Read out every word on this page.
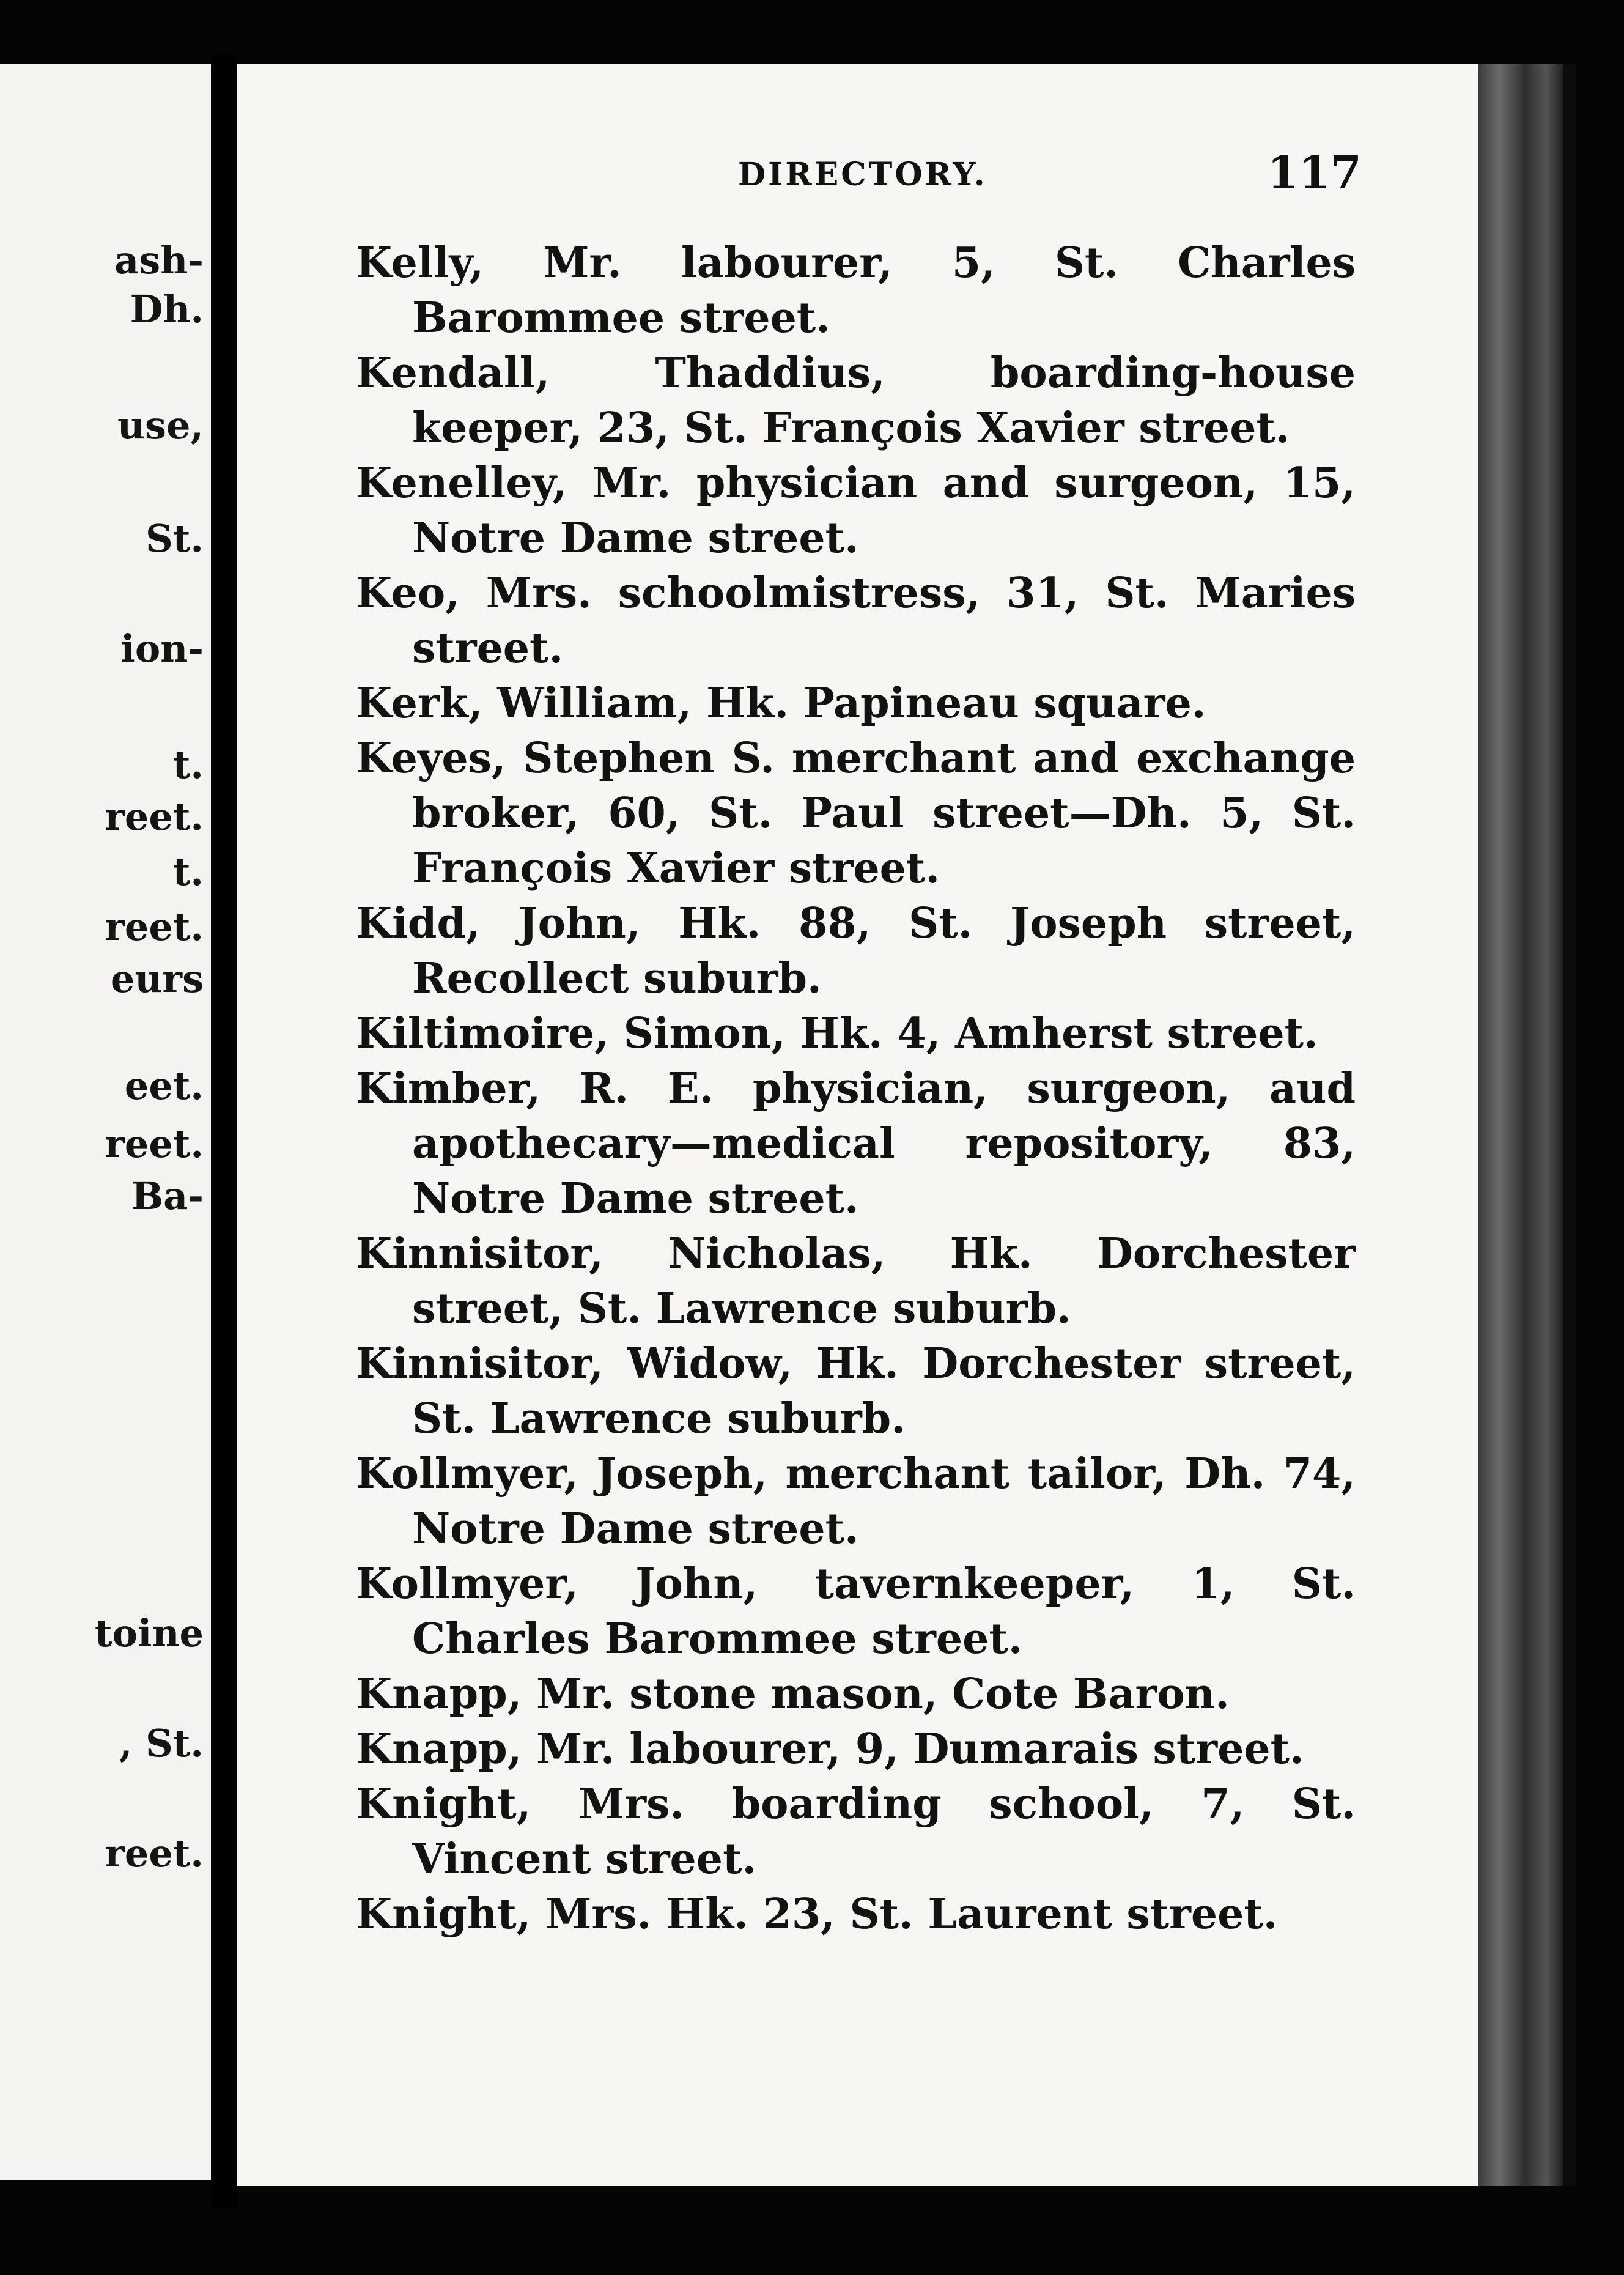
ash-
Dh.
use,
St.
ion-
t.
reet.
t.
reet.
eurs
eet.
reet.
Ba-
toine
, St.
reet.
DIRECTORY.	117
Kelly, Mr. labourer, 5, St. Charles Barommee street.
Kendall, Thaddius, boarding-house keeper, 23, St. François Xavier street.
Kenelley, Mr. physician and surgeon, 15, Notre Dame street.
Keo, Mrs. schoolmistress, 31, St. Maries street.
Kerk, William, Hk. Papineau square.
Keyes, Stephen S. merchant and exchange broker, 60, St. Paul street—Dh. 5, St. François Xavier street.
Kidd, John, Hk. 88, St. Joseph street, Recollect suburb.
Kiltimoire, Simon, Hk. 4, Amherst street.
Kimber, R. E. physician, surgeon, aud apothecary—medical repository, 83, Notre Dame street.
Kinnisitor, Nicholas, Hk. Dorchester street, St. Lawrence suburb.
Kinnisitor, Widow, Hk. Dorchester street, St. Lawrence suburb.
Kollmyer, Joseph, merchant tailor, Dh. 74, Notre Dame street.
Kollmyer, John, tavernkeeper, 1, St. Charles Barommee street.
Knapp, Mr. stone mason, Cote Baron.
Knapp, Mr. labourer, 9, Dumarais street.
Knight, Mrs. boarding school, 7, St. Vincent street.
Knight, Mrs. Hk. 23, St. Laurent street.
